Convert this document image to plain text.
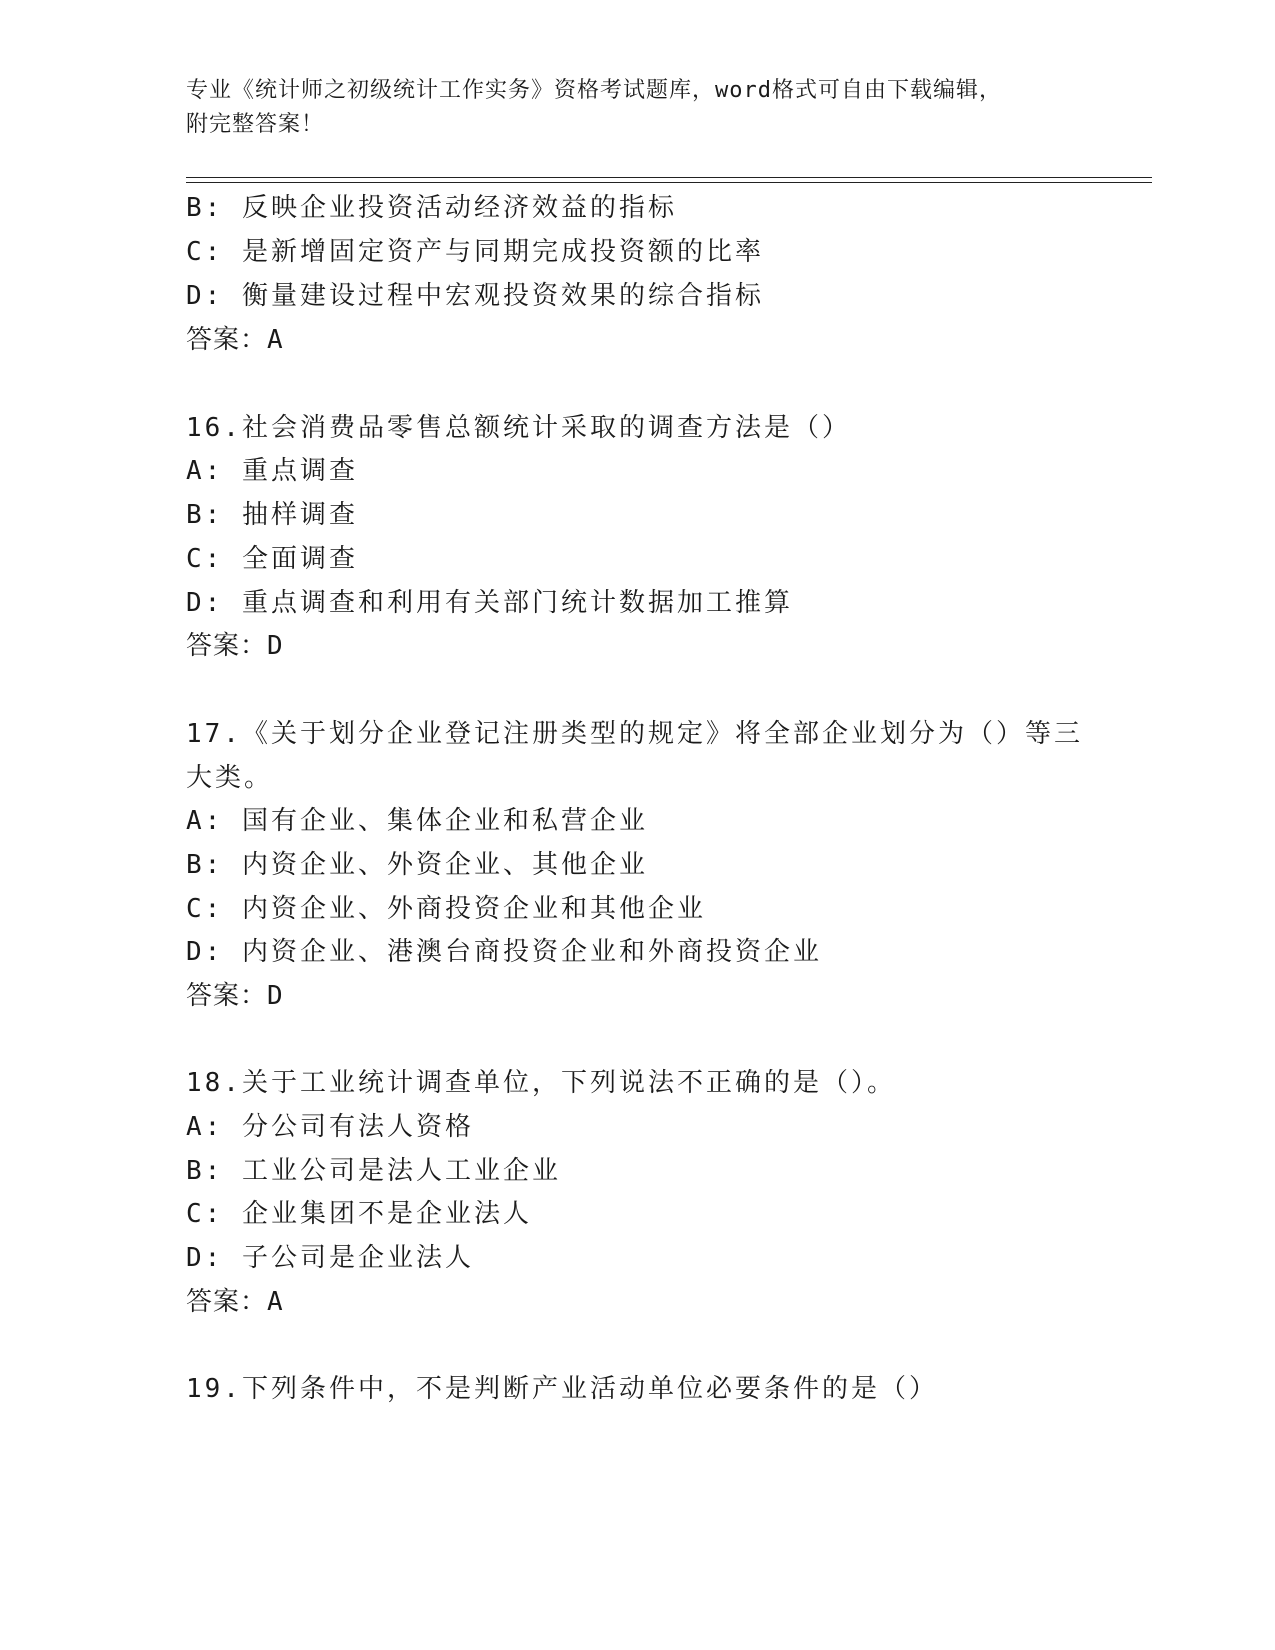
专业《统计师之初级统计工作实务》资格考试题库，word格式可自由下载编辑，
附完整答案！
B: 反映企业投资活动经济效益的指标
C: 是新增固定资产与同期完成投资额的比率
D: 衡量建设过程中宏观投资效果的综合指标
答案：A
16.社会消费品零售总额统计采取的调查方法是（）
A: 重点调查
B: 抽样调查
C: 全面调查
D: 重点调查和利用有关部门统计数据加工推算
答案：D
17.《关于划分企业登记注册类型的规定》将全部企业划分为（）等三
大类。
A: 国有企业、集体企业和私营企业
B: 内资企业、外资企业、其他企业
C: 内资企业、外商投资企业和其他企业
D: 内资企业、港澳台商投资企业和外商投资企业
答案：D
18.关于工业统计调查单位，下列说法不正确的是（）。
A: 分公司有法人资格
B: 工业公司是法人工业企业
C: 企业集团不是企业法人
D: 子公司是企业法人
答案：A
19.下列条件中，不是判断产业活动单位必要条件的是（）
